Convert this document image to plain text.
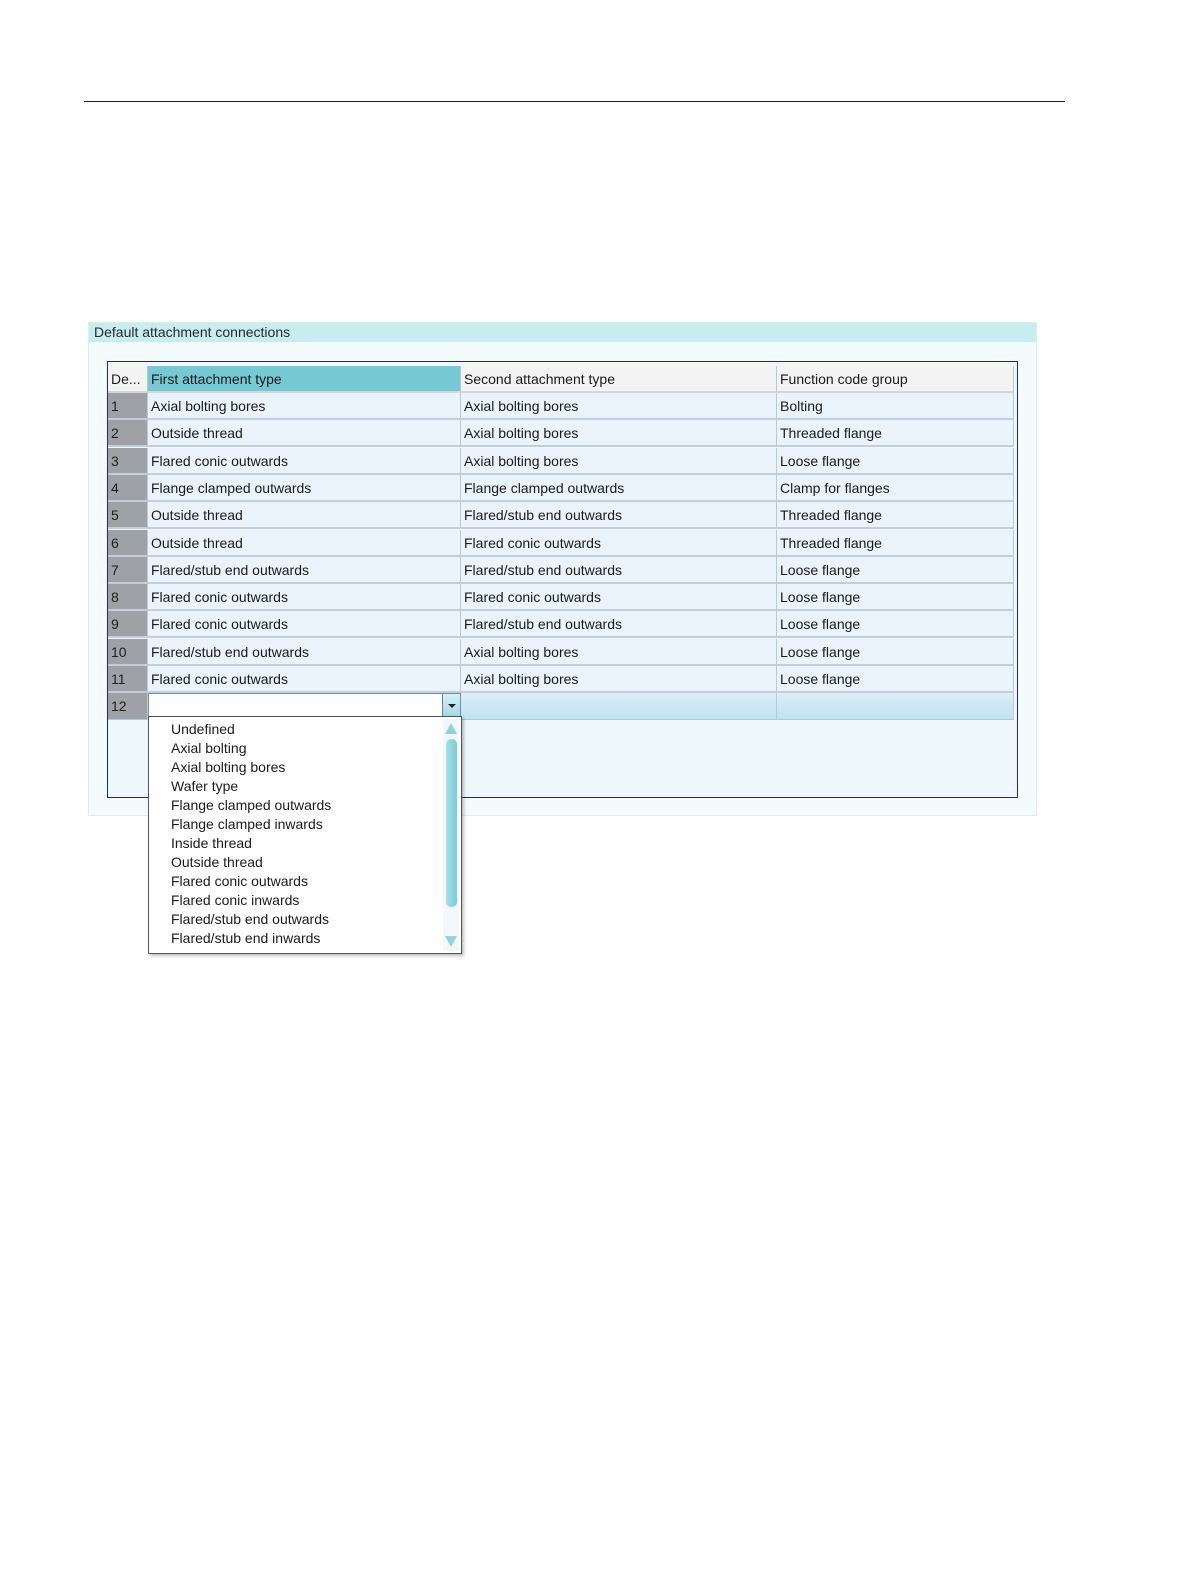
Default attachment connections
De... First attachment type	Second attachment type	Function code group
1	Axial bolting bores	Axial bolting bores	Bolting
2	Outside thread	Axial bolting bores	Threaded flange
3	Flared conic outwards	Axial bolting bores	Loose flange
4	Flange clamped outwards	Flange clamped outwards	Clamp for flanges
5	Outside thread	Flared/stub end outwards	Threaded flange
6	Outside thread	Flared conic outwards	Threaded flange
7	Flared/stub end outwards	Flared/stub end outwards	Loose flange
8	Flared conic outwards	Flared conic outwards	Loose flange
9	Flared conic outwards	Flared/stub end outwards	Loose flange
10	Flared/stub end outwards	Axial bolting bores	Loose flange
11	Flared conic outwards	Axial bolting bores	Loose flange
12
Undefined
Axial bolting
Axial bolting bores
Wafer type
Flange clamped outwards
Flange clamped inwards
Inside thread
Outside thread
Flared conic outwards
Flared conic inwards
Flared/stub end outwards
Flared/stub end inwards
